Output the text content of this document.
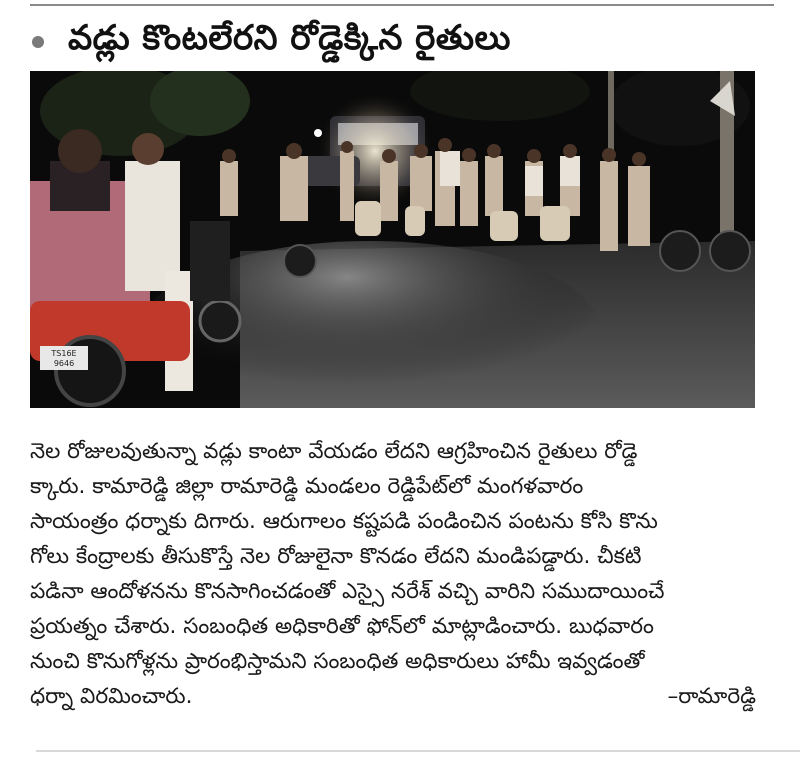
వడ్లు కొంటలేరని రోడ్డెక్కిన రైతులు
TS16E
9646
నెల రోజులవుతున్నా వడ్లు కాంటా వేయడం లేదని ఆగ్రహించిన రైతులు రోడ్డె
క్కారు. కామారెడ్డి జిల్లా రామారెడ్డి మండలం రెడ్డిపేట్‌లో మంగళవారం
సాయంత్రం ధర్నాకు దిగారు. ఆరుగాలం కష్టపడి పండించిన పంటను కోసి కొను
గోలు కేంద్రాలకు తీసుకొస్తే నెల రోజులైనా కొనడం లేదని మండిపడ్డారు. చీకటి
పడినా ఆందోళనను కొనసాగించడంతో ఎస్సై నరేశ్ వచ్చి వారిని సముదాయించే
ప్రయత్నం చేశారు. సంబంధిత అధికారితో ఫోన్‌లో మాట్లాడించారు. బుధవారం
నుంచి కొనుగోళ్లను ప్రారంభిస్తామని సంబంధిత అధికారులు హామీ ఇవ్వడంతో
ధర్నా విరమించారు.	–రామారెడ్డి
